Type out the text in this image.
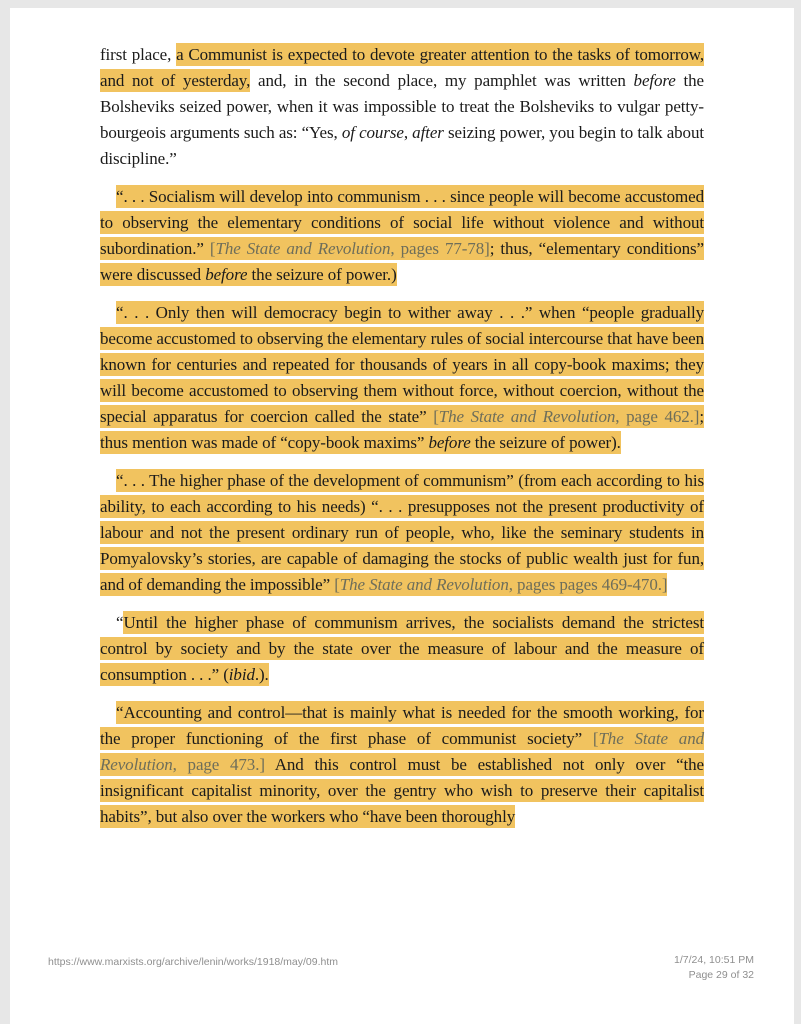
first place, a Communist is expected to devote greater attention to the tasks of tomorrow, and not of yesterday, and, in the second place, my pamphlet was written before the Bolsheviks seized power, when it was impossible to treat the Bolsheviks to vulgar petty-bourgeois arguments such as: “Yes, of course, after seizing power, you begin to talk about discipline.”

“. . . Socialism will develop into communism . . . since people will become accustomed to observing the elementary conditions of social life without violence and without subordination.” [The State and Revolution, pages 77-78]; thus, “elementary conditions” were discussed before the seizure of power.)

“. . . Only then will democracy begin to wither away . . .” when “people gradually become accustomed to observing the elementary rules of social intercourse that have been known for centuries and repeated for thousands of years in all copy-book maxims; they will become accustomed to observing them without force, without coercion, without the special apparatus for coercion called the state” [The State and Revolution, page 462.]; thus mention was made of “copy-book maxims” before the seizure of power).

“. . . The higher phase of the development of communism” (from each according to his ability, to each according to his needs) “. . . presupposes not the present productivity of labour and not the present ordinary run of people, who, like the seminary students in Pomyalovsky’s stories, are capable of damaging the stocks of public wealth just for fun, and of demanding the impossible” [The State and Revolution, pages pages 469-470.]

“Until the higher phase of communism arrives, the socialists demand the strictest control by society and by the state over the measure of labour and the measure of consumption . . .” (ibid.).

“Accounting and control—that is mainly what is needed for the smooth working, for the proper functioning of the first phase of communist society” [The State and Revolution, page 473.] And this control must be established not only over “the insignificant capitalist minority, over the gentry who wish to preserve their capitalist habits”, but also over the workers who “have been thoroughly

https://www.marxists.org/archive/lenin/works/1918/may/09.htm	1/7/24, 10:51 PM
Page 29 of 32
